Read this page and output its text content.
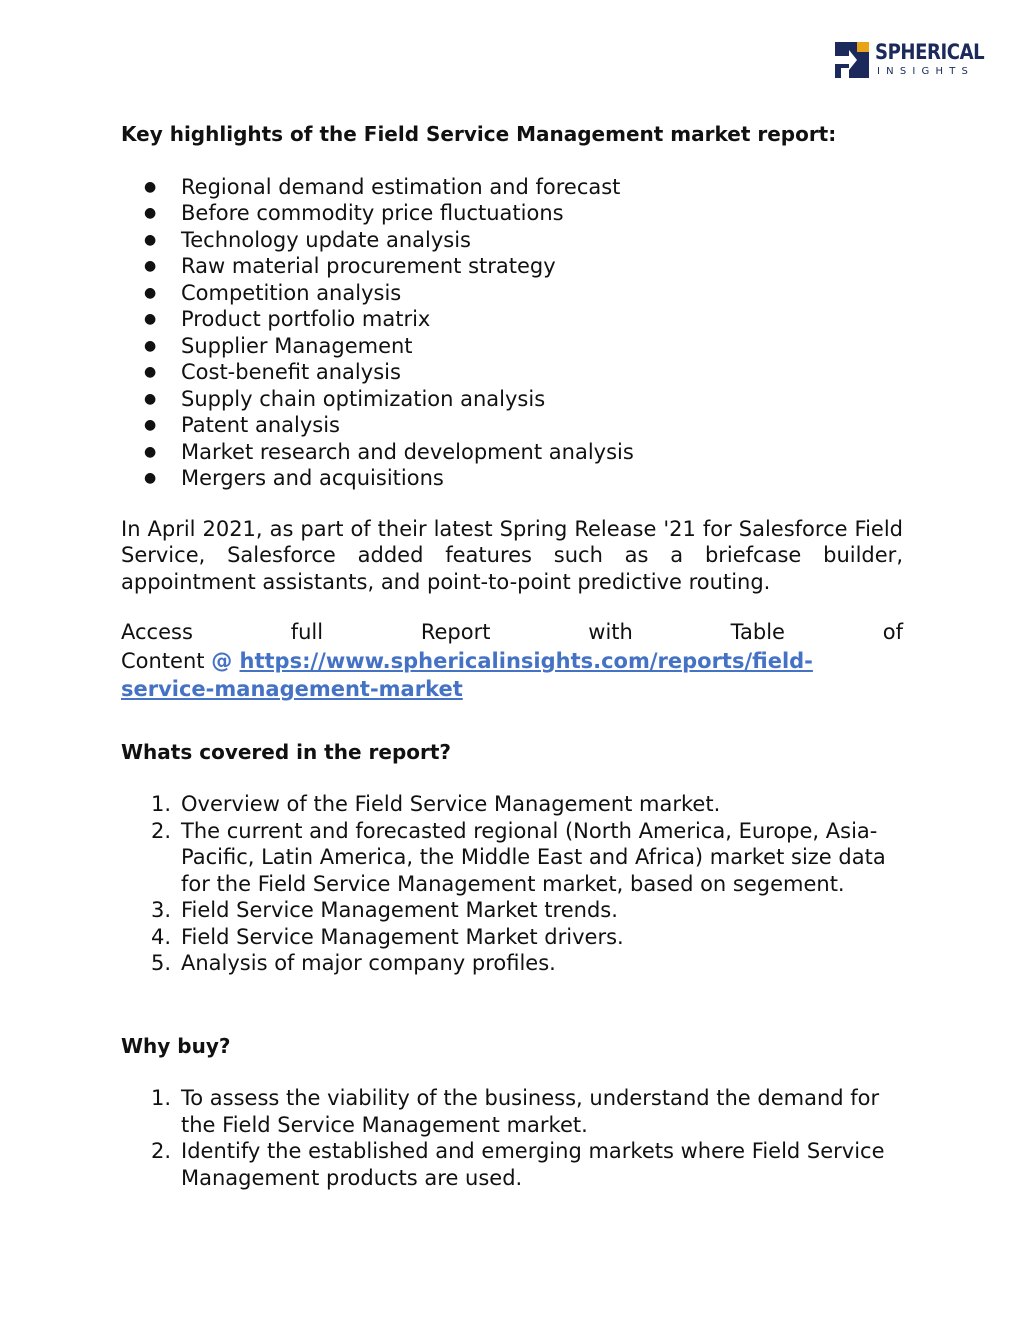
SPHERICAL
INSIGHTS
Key highlights of the Field Service Management market report:
● Regional demand estimation and forecast
● Before commodity price fluctuations
● Technology update analysis
● Raw material procurement strategy
● Competition analysis
● Product portfolio matrix
● Supplier Management
● Cost-benefit analysis
● Supply chain optimization analysis
● Patent analysis
● Market research and development analysis
● Mergers and acquisitions

In April 2021, as part of their latest Spring Release '21 for Salesforce Field Service, Salesforce added features such as a briefcase builder, appointment assistants, and point-to-point predictive routing.

Access	full	Report	with	Table	of
Content @ https://www.sphericalinsights.com/reports/field-
service-management-market
Whats covered in the report?
1. Overview of the Field Service Management market.
2. The current and forecasted regional (North America, Europe, Asia-
Pacific, Latin America, the Middle East and Africa) market size data
for the Field Service Management market, based on segement.
3. Field Service Management Market trends.
4. Field Service Management Market drivers.
5. Analysis of major company profiles.
Why buy?
1. To assess the viability of the business, understand the demand for
the Field Service Management market.
2. Identify the established and emerging markets where Field Service
Management products are used.
